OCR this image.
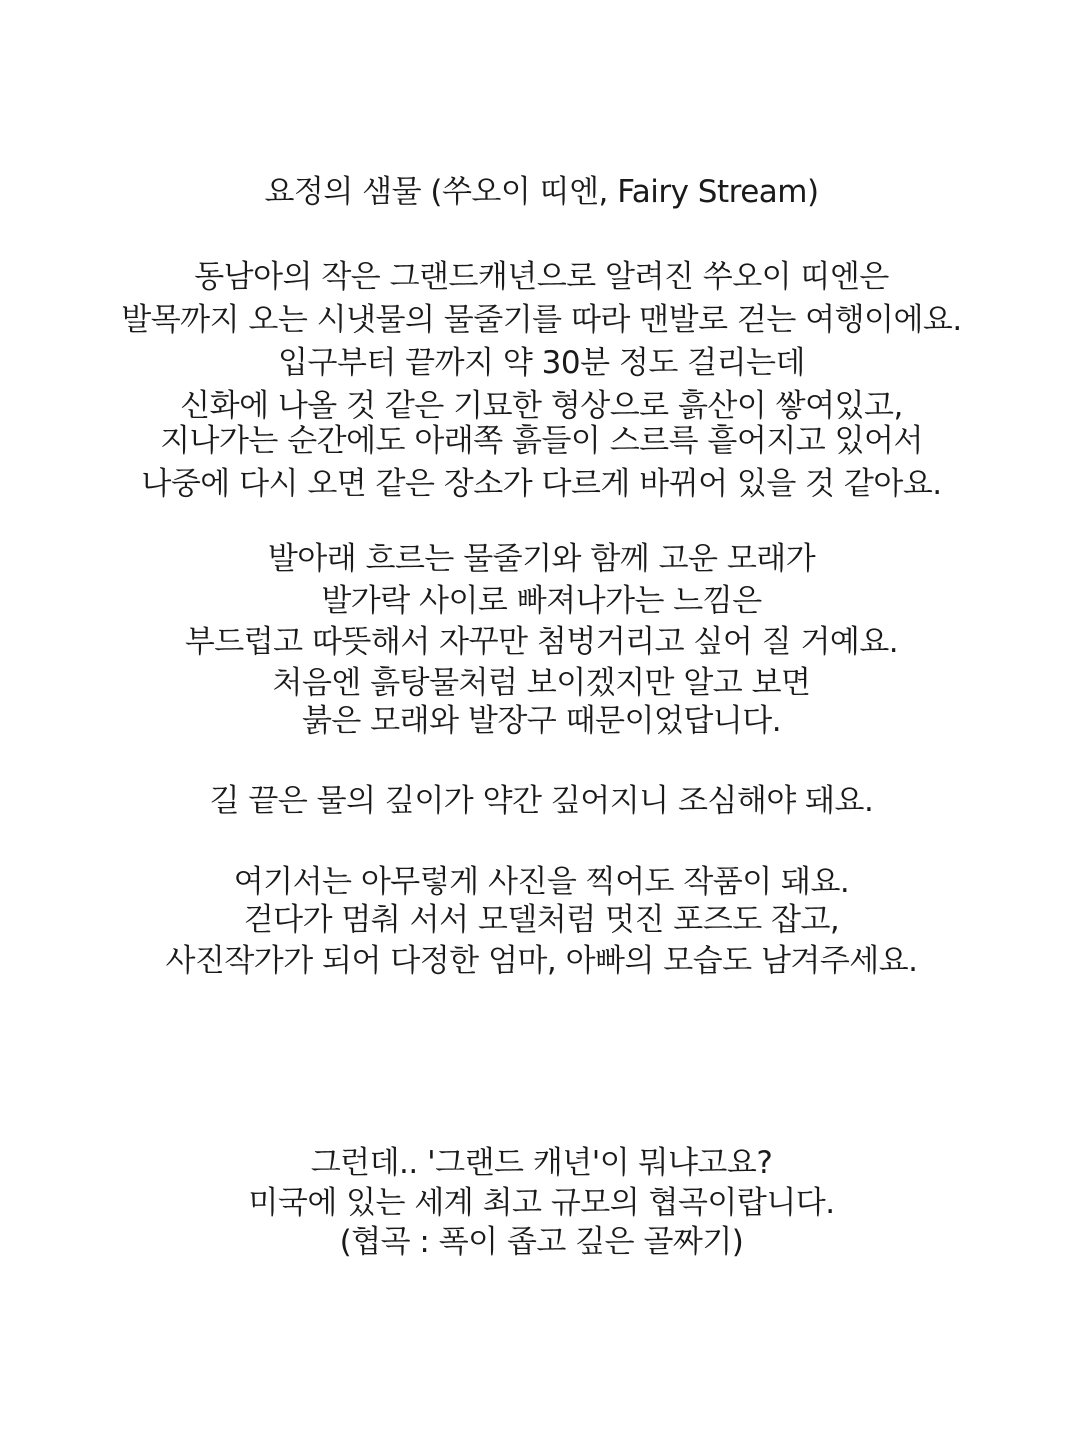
요정의 샘물 (쑤오이 띠엔, Fairy Stream)
동남아의 작은 그랜드캐년으로 알려진 쑤오이 띠엔은
발목까지 오는 시냇물의 물줄기를 따라 맨발로 걷는 여행이에요.
입구부터 끝까지 약 30분 정도 걸리는데
신화에 나올 것 같은 기묘한 형상으로 흙산이 쌓여있고,
지나가는 순간에도 아래쪽 흙들이 스르륵 흩어지고 있어서
나중에 다시 오면 같은 장소가 다르게 바뀌어 있을 것 같아요.
발아래 흐르는 물줄기와 함께 고운 모래가
발가락 사이로 빠져나가는 느낌은
부드럽고 따뜻해서 자꾸만 첨벙거리고 싶어 질 거예요.
처음엔 흙탕물처럼 보이겠지만 알고 보면
붉은 모래와 발장구 때문이었답니다.
길 끝은 물의 깊이가 약간 깊어지니 조심해야 돼요.
여기서는 아무렇게 사진을 찍어도 작품이 돼요.
걷다가 멈춰 서서 모델처럼 멋진 포즈도 잡고,
사진작가가 되어 다정한 엄마, 아빠의 모습도 남겨주세요.
그런데.. '그랜드 캐년'이 뭐냐고요?
미국에 있는 세계 최고 규모의 협곡이랍니다.
(협곡 : 폭이 좁고 깊은 골짜기)
